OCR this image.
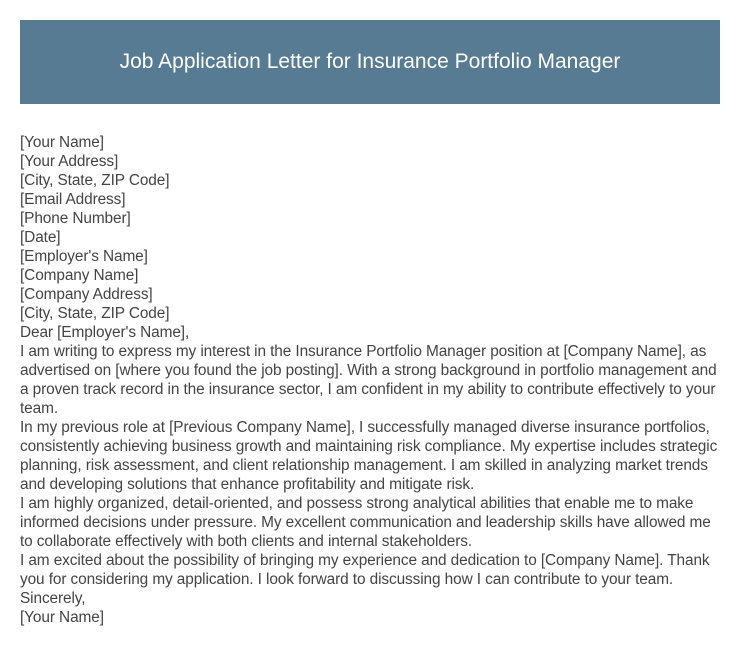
Job Application Letter for Insurance Portfolio Manager
[Your Name]
[Your Address]
[City, State, ZIP Code]
[Email Address]
[Phone Number]
[Date]
[Employer's Name]
[Company Name]
[Company Address]
[City, State, ZIP Code]
Dear [Employer's Name],

I am writing to express my interest in the Insurance Portfolio Manager position at [Company Name], as advertised on [where you found the job posting]. With a strong background in portfolio management and a proven track record in the insurance sector, I am confident in my ability to contribute effectively to your team.

In my previous role at [Previous Company Name], I successfully managed diverse insurance portfolios, consistently achieving business growth and maintaining risk compliance. My expertise includes strategic planning, risk assessment, and client relationship management. I am skilled in analyzing market trends and developing solutions that enhance profitability and mitigate risk.

I am highly organized, detail-oriented, and possess strong analytical abilities that enable me to make informed decisions under pressure. My excellent communication and leadership skills have allowed me to collaborate effectively with both clients and internal stakeholders.

I am excited about the possibility of bringing my experience and dedication to [Company Name]. Thank you for considering my application. I look forward to discussing how I can contribute to your team.

Sincerely,
[Your Name]
